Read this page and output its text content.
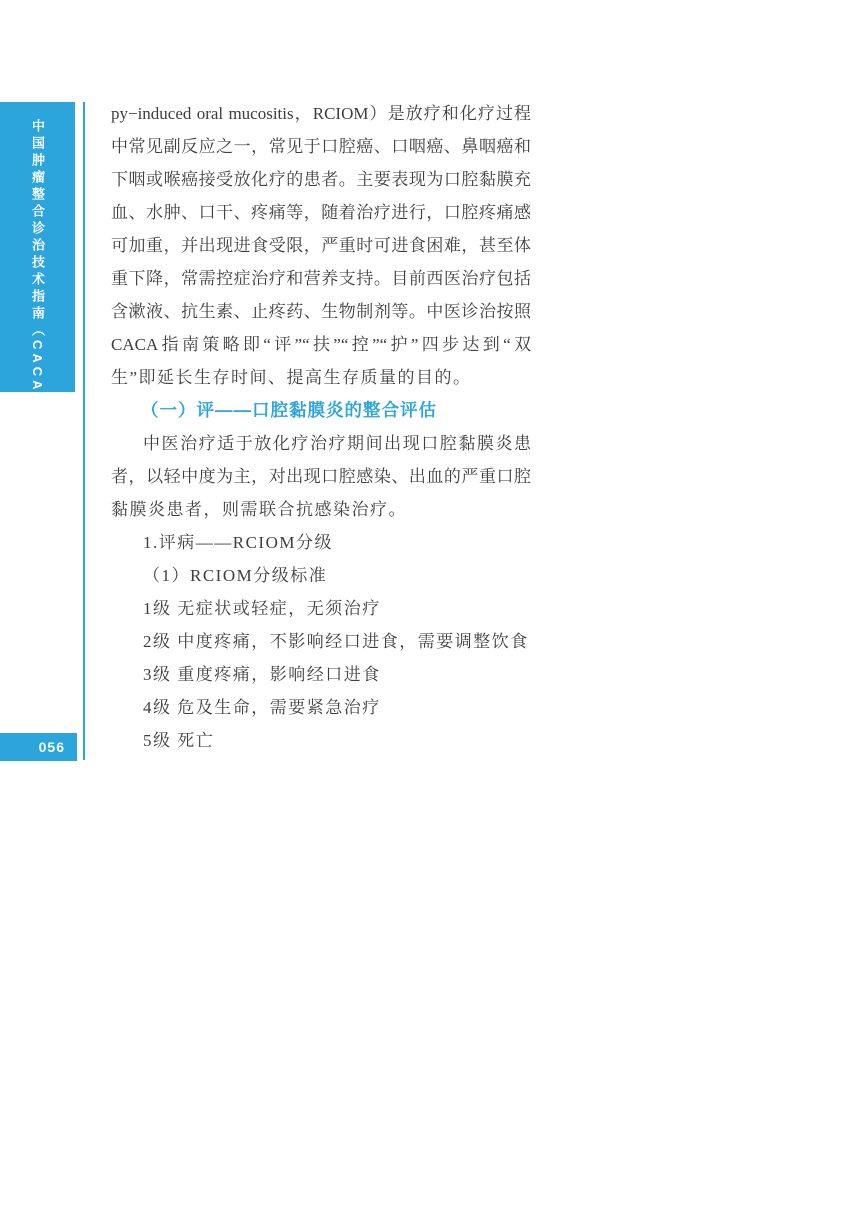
中国肿瘤整合诊治技术指南（CACA）
056
py−induced oral mucositis，RCIOM）是放疗和化疗过程
中常见副反应之一，常见于口腔癌、口咽癌、鼻咽癌和
下咽或喉癌接受放化疗的患者。主要表现为口腔黏膜充
血、水肿、口干、疼痛等，随着治疗进行，口腔疼痛感
可加重，并出现进食受限，严重时可进食困难，甚至体
重下降，常需控症治疗和营养支持。目前西医治疗包括
含漱液、抗生素、止疼药、生物制剂等。中医诊治按照
CACA指南策略即“评”“扶”“控”“护”四步达到“双
生”即延长生存时间、提高生存质量的目的。
（一）评——口腔黏膜炎的整合评估
中医治疗适于放化疗治疗期间出现口腔黏膜炎患
者，以轻中度为主，对出现口腔感染、出血的严重口腔
黏膜炎患者，则需联合抗感染治疗。
1.评病——RCIOM分级
（1）RCIOM分级标准
1级 无症状或轻症，无须治疗
2级 中度疼痛，不影响经口进食，需要调整饮食
3级 重度疼痛，影响经口进食
4级 危及生命，需要紧急治疗
5级 死亡
